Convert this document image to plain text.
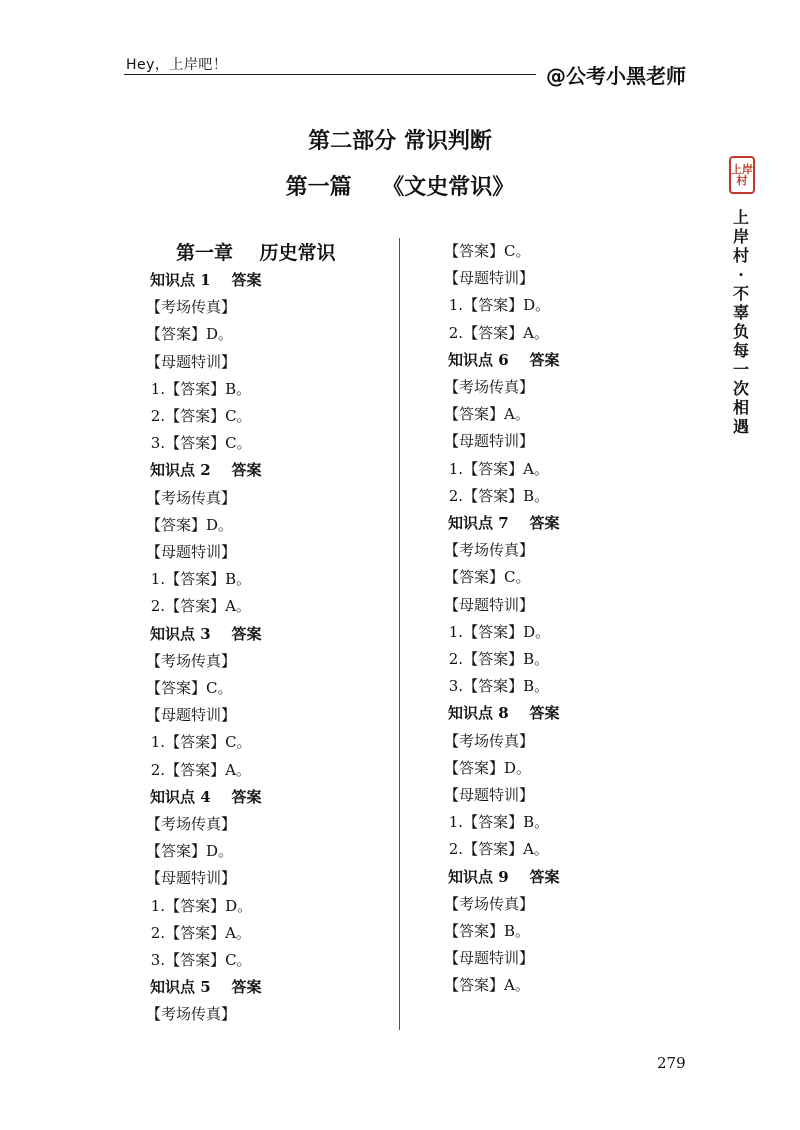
Hey，上岸吧！	@公考小黑老师
第二部分 常识判断
第一篇    《文史常识》
第一章    历史常识
知识点 1    答案
【考场传真】
【答案】D。
【母题特训】
1.【答案】B。
2.【答案】C。
3.【答案】C。
知识点 2    答案
【考场传真】
【答案】D。
【母题特训】
1.【答案】B。
2.【答案】A。
知识点 3    答案
【考场传真】
【答案】C。
【母题特训】
1.【答案】C。
2.【答案】A。
知识点 4    答案
【考场传真】
【答案】D。
【母题特训】
1.【答案】D。
2.【答案】A。
3.【答案】C。
知识点 5    答案
【考场传真】
【答案】C。
【母题特训】
1.【答案】D。
2.【答案】A。
知识点 6    答案
【考场传真】
【答案】A。
【母题特训】
1.【答案】A。
2.【答案】B。
知识点 7    答案
【考场传真】
【答案】C。
【母题特训】
1.【答案】D。
2.【答案】B。
3.【答案】B。
知识点 8    答案
【考场传真】
【答案】D。
【母题特训】
1.【答案】B。
2.【答案】A。
知识点 9    答案
【考场传真】
【答案】B。
【母题特训】
【答案】A。
上岸村
上岸村·不辜负每一次相遇
279
